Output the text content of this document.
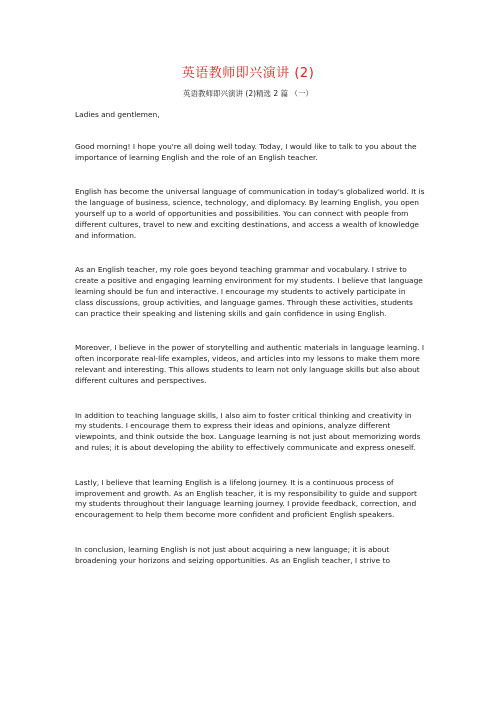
英语教师即兴演讲 (2)
英语教师即兴演讲 (2)精选 2 篇 （一）

Ladies and gentlemen,

Good morning! I hope you're all doing well today. Today, I would like to talk to you about the importance of learning English and the role of an English teacher.

English has become the universal language of communication in today's globalized world. It is the language of business, science, technology, and diplomacy. By learning English, you open yourself up to a world of opportunities and possibilities. You can connect with people from different cultures, travel to new and exciting destinations, and access a wealth of knowledge and information.

As an English teacher, my role goes beyond teaching grammar and vocabulary. I strive to create a positive and engaging learning environment for my students. I believe that language learning should be fun and interactive. I encourage my students to actively participate in class discussions, group activities, and language games. Through these activities, students can practice their speaking and listening skills and gain confidence in using English.

Moreover, I believe in the power of storytelling and authentic materials in language learning. I often incorporate real-life examples, videos, and articles into my lessons to make them more relevant and interesting. This allows students to learn not only language skills but also about different cultures and perspectives.

In addition to teaching language skills, I also aim to foster critical thinking and creativity in my students. I encourage them to express their ideas and opinions, analyze different viewpoints, and think outside the box. Language learning is not just about memorizing words and rules; it is about developing the ability to effectively communicate and express oneself.

Lastly, I believe that learning English is a lifelong journey. It is a continuous process of improvement and growth. As an English teacher, it is my responsibility to guide and support my students throughout their language learning journey. I provide feedback, correction, and encouragement to help them become more confident and proficient English speakers.

In conclusion, learning English is not just about acquiring a new language; it is about broadening your horizons and seizing opportunities. As an English teacher, I strive to
